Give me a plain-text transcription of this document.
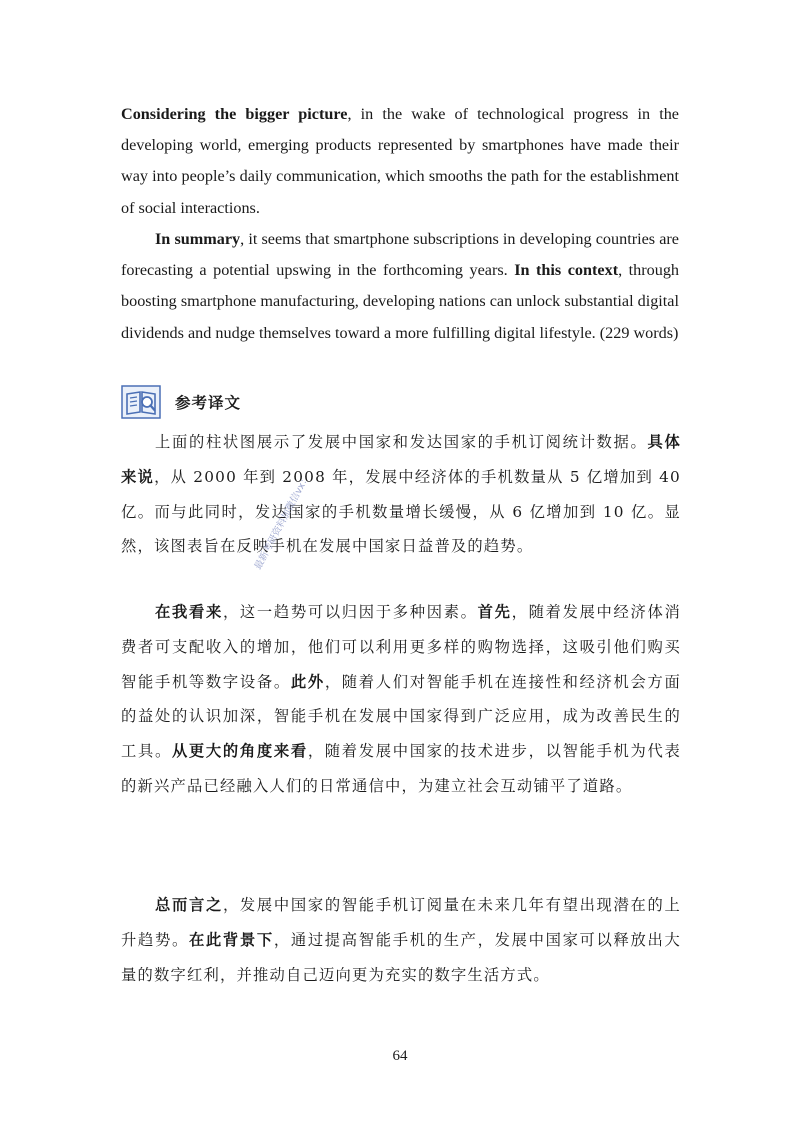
Considering the bigger picture, in the wake of technological progress in the developing world, emerging products represented by smartphones have made their way into people’s daily communication, which smooths the path for the establishment of social interactions.

In summary, it seems that smartphone subscriptions in developing countries are forecasting a potential upswing in the forthcoming years. In this context, through boosting smartphone manufacturing, developing nations can unlock substantial digital dividends and nudge themselves toward a more fulfilling digital lifestyle. (229 words)

参考译文

上面的柱状图展示了发展中国家和发达国家的手机订阅统计数据。具体来说，从 2000 年到 2008 年，发展中经济体的手机数量从 5 亿增加到 40 亿。而与此同时，发达国家的手机数量增长缓慢，从 6 亿增加到 10 亿。显然，该图表旨在反映手机在发展中国家日益普及的趋势。

在我看来，这一趋势可以归因于多种因素。首先，随着发展中经济体消费者可支配收入的增加，他们可以利用更多样的购物选择，这吸引他们购买智能手机等数字设备。此外，随着人们对智能手机在连接性和经济机会方面的益处的认识加深，智能手机在发展中国家得到广泛应用，成为改善民生的工具。从更大的角度来看，随着发展中国家的技术进步，以智能手机为代表的新兴产品已经融入人们的日常通信中，为建立社会互动铺平了道路。

总而言之，发展中国家的智能手机订阅量在未来几年有望出现潜在的上升趋势。在此背景下，通过提高智能手机的生产，发展中国家可以释放出大量的数字红利，并推动自己迈向更为充实的数字生活方式。

最新考研资料加微信vx：
64
